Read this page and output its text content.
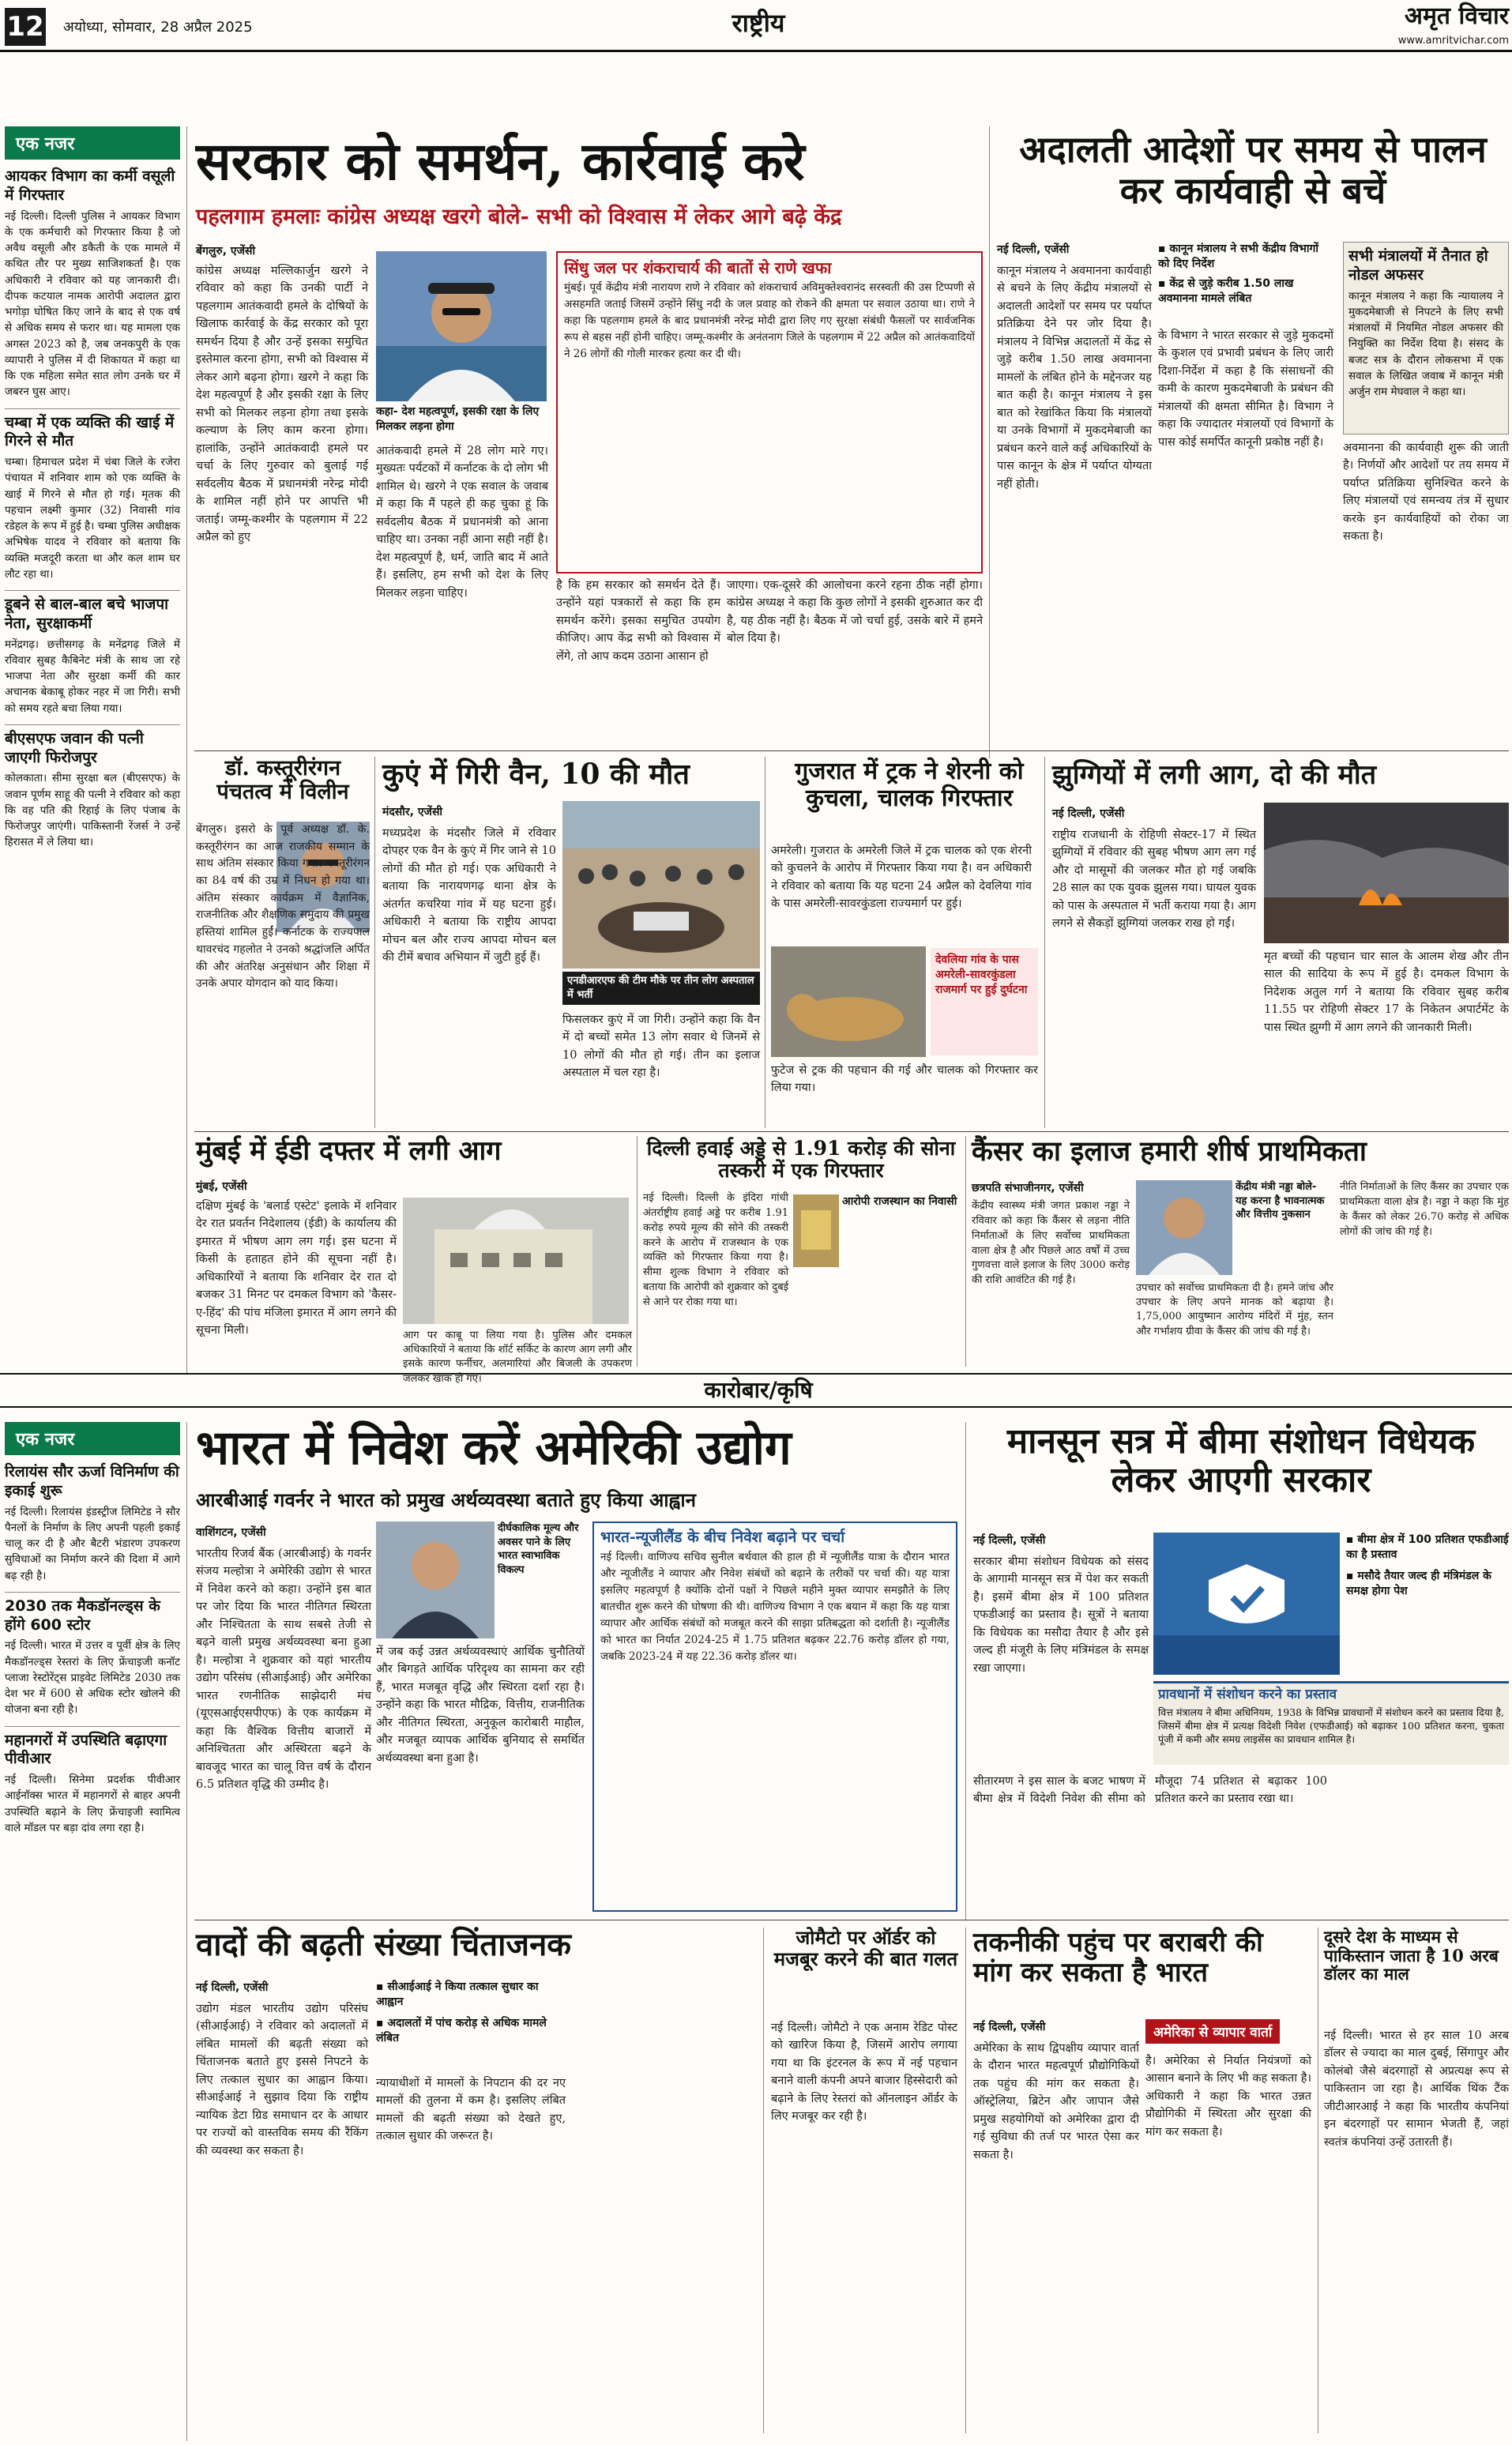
12 अयोध्या, सोमवार, 28 अप्रैल 2025	राष्ट्रीय	अमृत विचार
www.amritvichar.com
एक नजर
आयकर विभाग का कर्मी वसूली में गिरफ्तार

नई दिल्ली। दिल्ली पुलिस ने आयकर विभाग के एक कर्मचारी को गिरफ्तार किया है जो अवैध वसूली और डकैती के एक मामले में कथित तौर पर मुख्य साजिशकर्ता है। एक अधिकारी ने रविवार को यह जानकारी दी। दीपक कटयाल नामक आरोपी अदालत द्वारा भगोड़ा घोषित किए जाने के बाद से एक वर्ष से अधिक समय से फरार था। यह मामला एक अगस्त 2023 को है, जब जनकपुरी के एक व्यापारी ने पुलिस में दी शिकायत में कहा था कि एक महिला समेत सात लोग उनके घर में जबरन घुस आए।

चम्बा में एक व्यक्ति की खाई में गिरने से मौत

चम्बा। हिमाचल प्रदेश में चंबा जिले के रजेरा पंचायत में शनिवार शाम को एक व्यक्ति के खाई में गिरने से मौत हो गई। मृतक की पहचान लक्ष्मी कुमार (32) निवासी गांव रडेहल के रूप में हुई है। चम्बा पुलिस अधीक्षक अभिषेक यादव ने रविवार को बताया कि व्यक्ति मजदूरी करता था और कल शाम घर लौट रहा था।

डूबने से बाल-बाल बचे भाजपा नेता, सुरक्षाकर्मी

मनेंद्रगढ़। छत्तीसगढ़ के मनेंद्रगढ़ जिले में रविवार सुबह कैबिनेट मंत्री के साथ जा रहे भाजपा नेता और सुरक्षा कर्मी की कार अचानक बेकाबू होकर नहर में जा गिरी। सभी को समय रहते बचा लिया गया।

बीएसएफ जवान की पत्नी जाएगी फिरोजपुर

कोलकाता। सीमा सुरक्षा बल (बीएसएफ) के जवान पूर्णम साहू की पत्नी ने रविवार को कहा कि वह पति की रिहाई के लिए पंजाब के फिरोजपुर जाएंगी। पाकिस्तानी रेंजर्स ने उन्हें हिरासत में ले लिया था।

सरकार को समर्थन, कार्रवाई करे
पहलगाम हमलाः कांग्रेस अध्यक्ष खरगे बोले- सभी को विश्वास में लेकर आगे बढ़े केंद्र
बेंगलुरु, एजेंसी
कांग्रेस अध्यक्ष मल्लिकार्जुन खरगे ने रविवार को कहा कि उनकी पार्टी ने पहलगाम आतंकवादी हमले के दोषियों के खिलाफ कार्रवाई के केंद्र सरकार को पूरा समर्थन दिया है और उन्हें इसका समुचित इस्तेमाल करना होगा, सभी को विश्वास में लेकर आगे बढ़ना होगा। खरगे ने कहा कि देश महत्वपूर्ण है और इसकी रक्षा के लिए सभी को मिलकर लड़ना होगा तथा इसके कल्याण के लिए काम करना होगा। हालांकि, उन्होंने आतंकवादी हमले पर चर्चा के लिए गुरुवार को बुलाई गई सर्वदलीय बैठक में प्रधानमंत्री नरेन्द्र मोदी के शामिल नहीं होने पर आपत्ति भी जताई। जम्मू-कश्मीर के पहलगाम में 22 अप्रैल को हुए
कहा- देश महत्वपूर्ण, इसकी रक्षा के लिए मिलकर लड़ना होगा
आतंकवादी हमले में 28 लोग मारे गए। मुख्यतः पर्यटकों में कर्नाटक के दो लोग भी शामिल थे। खरगे ने एक सवाल के जवाब में कहा कि मैं पहले ही कह चुका हूं कि सर्वदलीय बैठक में प्रधानमंत्री को आना चाहिए था। उनका नहीं आना सही नहीं है। देश महत्वपूर्ण है, धर्म, जाति बाद में आते हैं। इसलिए, हम सभी को देश के लिए मिलकर लड़ना चाहिए।
है कि हम सरकार को समर्थन देते हैं। उन्होंने यहां पत्रकारों से कहा कि हम समर्थन करेंगे। इसका समुचित उपयोग कीजिए। आप केंद्र सभी को विश्वास में लेंगे, तो आप कदम उठाना आसान हो
सिंधु जल पर शंकराचार्य की बातों से राणे खफा
मुंबई। पूर्व केंद्रीय मंत्री नारायण राणे ने रविवार को शंकराचार्य अविमुक्तेश्वरानंद सरस्वती की उस टिप्पणी से असहमति जताई जिसमें उन्होंने सिंधु नदी के जल प्रवाह को रोकने की क्षमता पर सवाल उठाया था। राणे ने कहा कि पहलगाम हमले के बाद प्रधानमंत्री नरेन्द्र मोदी द्वारा लिए गए सुरक्षा संबंधी फैसलों पर सार्वजनिक रूप से बहस नहीं होनी चाहिए। जम्मू-कश्मीर के अनंतनाग जिले के पहलगाम में 22 अप्रैल को आतंकवादियों ने 26 लोगों की गोली मारकर हत्या कर दी थी।
जाएगा। एक-दूसरे की आलोचना करने रहना ठीक नहीं होगा। कांग्रेस अध्यक्ष ने कहा कि कुछ लोगों ने इसकी शुरुआत कर दी है, यह ठीक नहीं है। बैठक में जो चर्चा हुई, उसके बारे में हमने बोल दिया है।
अदालती आदेशों पर समय से पालन कर कार्यवाही से बचें
नई दिल्ली, एजेंसी	▪ कानून मंत्रालय ने सभी केंद्रीय विभागों को दिए निर्देश
▪ केंद्र से जुड़े करीब 1.50 लाख अवमानना मामले लंबित
सभी मंत्रालयों में तैनात हो नोडल अफसर
कानून मंत्रालय ने कहा कि न्यायालय ने मुकदमेबाजी से निपटने के लिए सभी मंत्रालयों में नियमित नोडल अफसर की नियुक्ति का निर्देश दिया है। संसद के बजट सत्र के दौरान लोकसभा में एक सवाल के लिखित जवाब में कानून मंत्री अर्जुन राम मेघवाल ने कहा था।
कानून मंत्रालय ने अवमानना कार्यवाही से बचने के लिए केंद्रीय मंत्रालयों से अदालती आदेशों पर समय पर पर्याप्त प्रतिक्रिया देने पर जोर दिया है। मंत्रालय ने विभिन्न अदालतों में केंद्र से जुड़े करीब 1.50 लाख अवमानना मामलों के लंबित होने के मद्देनजर यह बात कही है। कानून मंत्रालय ने इस बात को रेखांकित किया कि मंत्रालयों या उनके विभागों में मुकदमेबाजी का प्रबंधन करने वाले कई अधिकारियों के पास कानून के क्षेत्र में पर्याप्त योग्यता नहीं होती।
के विभाग ने भारत सरकार से जुड़े मुकदमों के कुशल एवं प्रभावी प्रबंधन के लिए जारी दिशा-निर्देश में कहा है कि संसाधनों की कमी के कारण मुकदमेबाजी के प्रबंधन की मंत्रालयों की क्षमता सीमित है। विभाग ने कहा कि ज्यादातर मंत्रालयों एवं विभागों के पास कोई समर्पित कानूनी प्रकोष्ठ नहीं है।	अवमानना की कार्यवाही शुरू की जाती है। निर्णयों और आदेशों पर तय समय में पर्याप्त प्रतिक्रिया सुनिश्चित करने के लिए मंत्रालयों एवं समन्वय तंत्र में सुधार करके इन कार्यवाहियों को रोका जा सकता है।
डॉ. कस्तूरीरंगन पंचतत्व में विलीन
बेंगलुरु। इसरो के पूर्व अध्यक्ष डॉ. के. कस्तूरीरंगन का आज राजकीय सम्मान के साथ अंतिम संस्कार किया गया। कस्तूरीरंगन का 84 वर्ष की उम्र में निधन हो गया था। अंतिम संस्कार कार्यक्रम में वैज्ञानिक, राजनीतिक और शैक्षणिक समुदाय की प्रमुख हस्तियां शामिल हुईं। कर्नाटक के राज्यपाल थावरचंद गहलोत ने उनको श्रद्धांजलि अर्पित की और अंतरिक्ष अनुसंधान और शिक्षा में उनके अपार योगदान को याद किया।
कुएं में गिरी वैन, 10 की मौत
मंदसौर, एजेंसी
मध्यप्रदेश के मंदसौर जिले में रविवार दोपहर एक वैन के कुएं में गिर जाने से 10 लोगों की मौत हो गई। एक अधिकारी ने बताया कि नारायणगढ़ थाना क्षेत्र के अंतर्गत कचरिया गांव में यह घटना हुई। अधिकारी ने बताया कि राष्ट्रीय आपदा मोचन बल और राज्य आपदा मोचन बल की टीमें बचाव अभियान में जुटी हुई हैं।
एनडीआरएफ की टीम मौके पर तीन लोग अस्पताल में भर्ती
फिसलकर कुएं में जा गिरी। उन्होंने कहा कि वैन में दो बच्चों समेत 13 लोग सवार थे जिनमें से 10 लोगों की मौत हो गई। तीन का इलाज अस्पताल में चल रहा है।
गुजरात में ट्रक ने शेरनी को कुचला, चालक गिरफ्तार
अमरेली। गुजरात के अमरेली जिले में ट्रक चालक को एक शेरनी को कुचलने के आरोप में गिरफ्तार किया गया है। वन अधिकारी ने रविवार को बताया कि यह घटना 24 अप्रैल को देवलिया गांव के पास अमरेली-सावरकुंडला राज्यमार्ग पर हुई।
देवलिया गांव के पास अमरेली-सावरकुंडला राजमार्ग पर हुई दुर्घटना
फुटेज से ट्रक की पहचान की गई और चालक को गिरफ्तार कर लिया गया।
झुग्गियों में लगी आग, दो की मौत
नई दिल्ली, एजेंसी
राष्ट्रीय राजधानी के रोहिणी सेक्टर-17 में स्थित झुग्गियों में रविवार की सुबह भीषण आग लग गई और दो मासूमों की जलकर मौत हो गई जबकि 28 साल का एक युवक झुलस गया। घायल युवक को पास के अस्पताल में भर्ती कराया गया है। आग लगने से सैकड़ों झुग्गियां जलकर राख हो गईं।
मृत बच्चों की पहचान चार साल के आलम शेख और तीन साल की सादिया के रूप में हुई है। दमकल विभाग के निदेशक अतुल गर्ग ने बताया कि रविवार सुबह करीब 11.55 पर रोहिणी सेक्टर 17 के निकेतन अपार्टमेंट के पास स्थित झुग्गी में आग लगने की जानकारी मिली।
मुंबई में ईडी दफ्तर में लगी आग
मुंबई, एजेंसी
दक्षिण मुंबई के 'बलार्ड एस्टेट' इलाके में शनिवार देर रात प्रवर्तन निदेशालय (ईडी) के कार्यालय की इमारत में भीषण आग लग गई। इस घटना में किसी के हताहत होने की सूचना नहीं है। अधिकारियों ने बताया कि शनिवार देर रात दो बजकर 31 मिनट पर दमकल विभाग को 'कैसर-ए-हिंद' की पांच मंजिला इमारत में आग लगने की सूचना मिली।	आग पर काबू पा लिया गया है। पुलिस और दमकल अधिकारियों ने बताया कि शॉर्ट सर्किट के कारण आग लगी और इसके कारण फर्नीचर, अलमारियां और बिजली के उपकरण जलकर खाक हो गए।
दिल्ली हवाई अड्डे से 1.91 करोड़ की सोना तस्करी में एक गिरफ्तार
आरोपी राजस्थान का निवासी
नई दिल्ली। दिल्ली के इंदिरा गांधी अंतर्राष्ट्रीय हवाई अड्डे पर करीब 1.91 करोड़ रुपये मूल्य की सोने की तस्करी करने के आरोप में राजस्थान के एक व्यक्ति को गिरफ्तार किया गया है। सीमा शुल्क विभाग ने रविवार को बताया कि आरोपी को शुक्रवार को दुबई से आने पर रोका गया था।
कैंसर का इलाज हमारी शीर्ष प्राथमिकता
छत्रपति संभाजीनगर, एजेंसी
केंद्रीय स्वास्थ्य मंत्री जगत प्रकाश नड्डा ने रविवार को कहा कि कैंसर से लड़ना नीति निर्माताओं के लिए सर्वोच्च प्राथमिकता वाला क्षेत्र है और पिछले आठ वर्षों में उच्च गुणवत्ता वाले इलाज के लिए 3000 करोड़ की राशि आवंटित की गई है।
केंद्रीय मंत्री नड्डा बोले- यह करना है भावनात्मक और वित्तीय नुकसान
उपचार को सर्वोच्च प्राथमिकता दी है। हमने जांच और उपचार के लिए अपने मानक को बढ़ाया है। 1,75,000 आयुष्मान आरोग्य मंदिरों में मुंह, स्तन और गर्भाशय ग्रीवा के कैंसर की जांच की गई है।
नीति निर्माताओं के लिए कैंसर का उपचार एक प्राथमिकता वाला क्षेत्र है। नड्डा ने कहा कि मुंह के कैंसर को लेकर 26.70 करोड़ से अधिक लोगों की जांच की गई है।
कारोबार/कृषि
एक नजर
रिलायंस सौर ऊर्जा विनिर्माण की इकाई शुरू

नई दिल्ली। रिलायंस इंडस्ट्रीज लिमिटेड ने सौर पैनलों के निर्माण के लिए अपनी पहली इकाई चालू कर दी है और बैटरी भंडारण उपकरण सुविधाओं का निर्माण करने की दिशा में आगे बढ़ रही है।

2030 तक मैकडॉनल्ड्स के होंगे 600 स्टोर

नई दिल्ली। भारत में उत्तर व पूर्वी क्षेत्र के लिए मैकडॉनल्ड्स रेस्तरां के लिए फ्रेंचाइजी कनॉट प्लाजा रेस्टोरेंट्स प्राइवेट लिमिटेड 2030 तक देश भर में 600 से अधिक स्टोर खोलने की योजना बना रही है।

महानगरों में उपस्थिति बढ़ाएगा पीवीआर

नई दिल्ली। सिनेमा प्रदर्शक पीवीआर आईनॉक्स भारत में महानगरों से बाहर अपनी उपस्थिति बढ़ाने के लिए फ्रेंचाइजी स्वामित्व वाले मॉडल पर बड़ा दांव लगा रहा है।

भारत में निवेश करें अमेरिकी उद्योग
आरबीआई गवर्नर ने भारत को प्रमुख अर्थव्यवस्था बताते हुए किया आह्वान
वाशिंगटन, एजेंसी	दीर्घकालिक मूल्य और अवसर पाने के लिए भारत स्वाभाविक विकल्प
भारतीय रिजर्व बैंक (आरबीआई) के गवर्नर संजय मल्होत्रा ने अमेरिकी उद्योग से भारत में निवेश करने को कहा। उन्होंने इस बात पर जोर दिया कि भारत नीतिगत स्थिरता और निश्चितता के साथ सबसे तेजी से बढ़ने वाली प्रमुख अर्थव्यवस्था बना हुआ है। मल्होत्रा ने शुक्रवार को यहां भारतीय उद्योग परिसंघ (सीआईआई) और अमेरिका भारत रणनीतिक साझेदारी मंच (यूएसआईएसपीएफ) के एक कार्यक्रम में कहा कि वैश्विक वित्तीय बाजारों में अनिश्चितता और अस्थिरता बढ़ने के बावजूद भारत का चालू वित्त वर्ष के दौरान 6.5 प्रतिशत वृद्धि की उम्मीद है।
में जब कई उन्नत अर्थव्यवस्थाएं आर्थिक चुनौतियों और बिगड़ते आर्थिक परिदृश्य का सामना कर रही हैं, भारत मजबूत वृद्धि और स्थिरता दर्शा रहा है। उन्होंने कहा कि भारत मौद्रिक, वित्तीय, राजनीतिक और नीतिगत स्थिरता, अनुकूल कारोबारी माहौल, और मजबूत व्यापक आर्थिक बुनियाद से समर्थित अर्थव्यवस्था बना हुआ है।
भारत-न्यूजीलैंड के बीच निवेश बढ़ाने पर चर्चा
नई दिल्ली। वाणिज्य सचिव सुनील बर्थवाल की हाल ही में न्यूजीलैंड यात्रा के दौरान भारत और न्यूजीलैंड ने व्यापार और निवेश संबंधों को बढ़ाने के तरीकों पर चर्चा की। यह यात्रा इसलिए महत्वपूर्ण है क्योंकि दोनों पक्षों ने पिछले महीने मुक्त व्यापार समझौते के लिए बातचीत शुरू करने की घोषणा की थी। वाणिज्य विभाग ने एक बयान में कहा कि यह यात्रा व्यापार और आर्थिक संबंधों को मजबूत करने की साझा प्रतिबद्धता को दर्शाती है। न्यूजीलैंड को भारत का निर्यात 2024-25 में 1.75 प्रतिशत बढ़कर 22.76 करोड़ डॉलर हो गया, जबकि 2023-24 में यह 22.36 करोड़ डॉलर था।
मानसून सत्र में बीमा संशोधन विधेयक लेकर आएगी सरकार
नई दिल्ली, एजेंसी
सरकार बीमा संशोधन विधेयक को संसद के आगामी मानसून सत्र में पेश कर सकती है। इसमें बीमा क्षेत्र में 100 प्रतिशत एफडीआई का प्रस्ताव है। सूत्रों ने बताया कि विधेयक का मसौदा तैयार है और इसे जल्द ही मंजूरी के लिए मंत्रिमंडल के समक्ष रखा जाएगा।
▪ बीमा क्षेत्र में 100 प्रतिशत एफडीआई का है प्रस्ताव
▪ मसौदे तैयार जल्द ही मंत्रिमंडल के समक्ष होगा पेश
प्रावधानों में संशोधन करने का प्रस्ताव
वित्त मंत्रालय ने बीमा अधिनियम, 1938 के विभिन्न प्रावधानों में संशोधन करने का प्रस्ताव दिया है, जिसमें बीमा क्षेत्र में प्रत्यक्ष विदेशी निवेश (एफडीआई) को बढ़ाकर 100 प्रतिशत करना, चुकता पूंजी में कमी और समग्र लाइसेंस का प्रावधान शामिल है।
सीतारमण ने इस साल के बजट भाषण में बीमा क्षेत्र में विदेशी निवेश की सीमा को मौजूदा 74 प्रतिशत से बढ़ाकर 100 प्रतिशत करने का प्रस्ताव रखा था।
वादों की बढ़ती संख्या चिंताजनक
नई दिल्ली, एजेंसी
उद्योग मंडल भारतीय उद्योग परिसंघ (सीआईआई) ने रविवार को अदालतों में लंबित मामलों की बढ़ती संख्या को चिंताजनक बताते हुए इससे निपटने के लिए तत्काल सुधार का आह्वान किया। सीआईआई ने सुझाव दिया कि राष्ट्रीय न्यायिक डेटा ग्रिड समाधान दर के आधार पर राज्यों को वास्तविक समय की रैंकिंग की व्यवस्था कर सकता है।
▪ सीआईआई ने किया तत्काल सुधार का आह्वान
▪ अदालतों में पांच करोड़ से अधिक मामले लंबित
न्यायाधीशों में मामलों के निपटान की दर नए मामलों की तुलना में कम है। इसलिए लंबित मामलों की बढ़ती संख्या को देखते हुए, तत्काल सुधार की जरूरत है।
जोमैटो पर ऑर्डर को मजबूर करने की बात गलत
नई दिल्ली। जोमैटो ने एक अनाम रेडिट पोस्ट को खारिज किया है, जिसमें आरोप लगाया गया था कि इंटरनल के रूप में नई पहचान बनाने वाली कंपनी अपने बाजार हिस्सेदारी को बढ़ाने के लिए रेस्तरां को ऑनलाइन ऑर्डर के लिए मजबूर कर रही है।
तकनीकी पहुंच पर बराबरी की मांग कर सकता है भारत
नई दिल्ली, एजेंसी	अमेरिका से व्यापार वार्ता
अमेरिका के साथ द्विपक्षीय व्यापार वार्ता के दौरान भारत महत्वपूर्ण प्रौद्योगिकियों तक पहुंच की मांग कर सकता है। ऑस्ट्रेलिया, ब्रिटेन और जापान जैसे प्रमुख सहयोगियों को अमेरिका द्वारा दी गई सुविधा की तर्ज पर भारत ऐसा कर सकता है।
है। अमेरिका से निर्यात नियंत्रणों को आसान बनाने के लिए भी कह सकता है। अधिकारी ने कहा कि भारत उन्नत प्रौद्योगिकी में स्थिरता और सुरक्षा की मांग कर सकता है।
दूसरे देश के माध्यम से पाकिस्तान जाता है 10 अरब डॉलर का माल
नई दिल्ली। भारत से हर साल 10 अरब डॉलर से ज्यादा का माल दुबई, सिंगापुर और कोलंबो जैसे बंदरगाहों से अप्रत्यक्ष रूप से पाकिस्तान जा रहा है। आर्थिक थिंक टैंक जीटीआरआई ने कहा कि भारतीय कंपनियां इन बंदरगाहों पर सामान भेजती हैं, जहां स्वतंत्र कंपनियां उन्हें उतारती हैं।
